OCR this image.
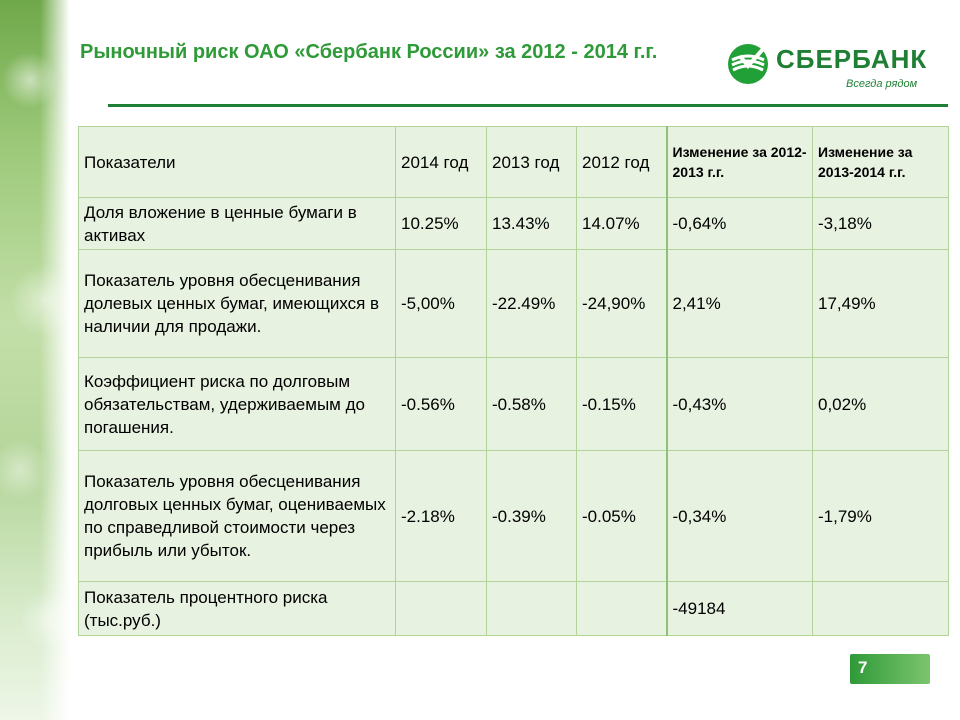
Рыночный риск ОАО «Сбербанк России» за 2012 - 2014 г.г.	СБЕРБАНК
Всегда рядом
Показатели	2014 год	2013 год	2012 год	Изменение за 2012-2013 г.г.	Изменение за 2013-2014 г.г.
Доля вложение в ценные бумаги в активах	10.25%	13.43%	14.07%	-0,64%	-3,18%
Показатель уровня обесценивания долевых ценных бумаг, имеющихся в наличии для продажи.	-5,00%	-22.49%	-24,90%	2,41%	17,49%
Коэффициент риска по долговым обязательствам, удерживаемым до погашения.	-0.56%	-0.58%	-0.15%	-0,43%	0,02%
Показатель уровня обесценивания долговых ценных бумаг, оцениваемых по справедливой стоимости через прибыль или убыток.	-2.18%	-0.39%	-0.05%	-0,34%	-1,79%
Показатель процентного риска (тыс.руб.)				-49184	
7
